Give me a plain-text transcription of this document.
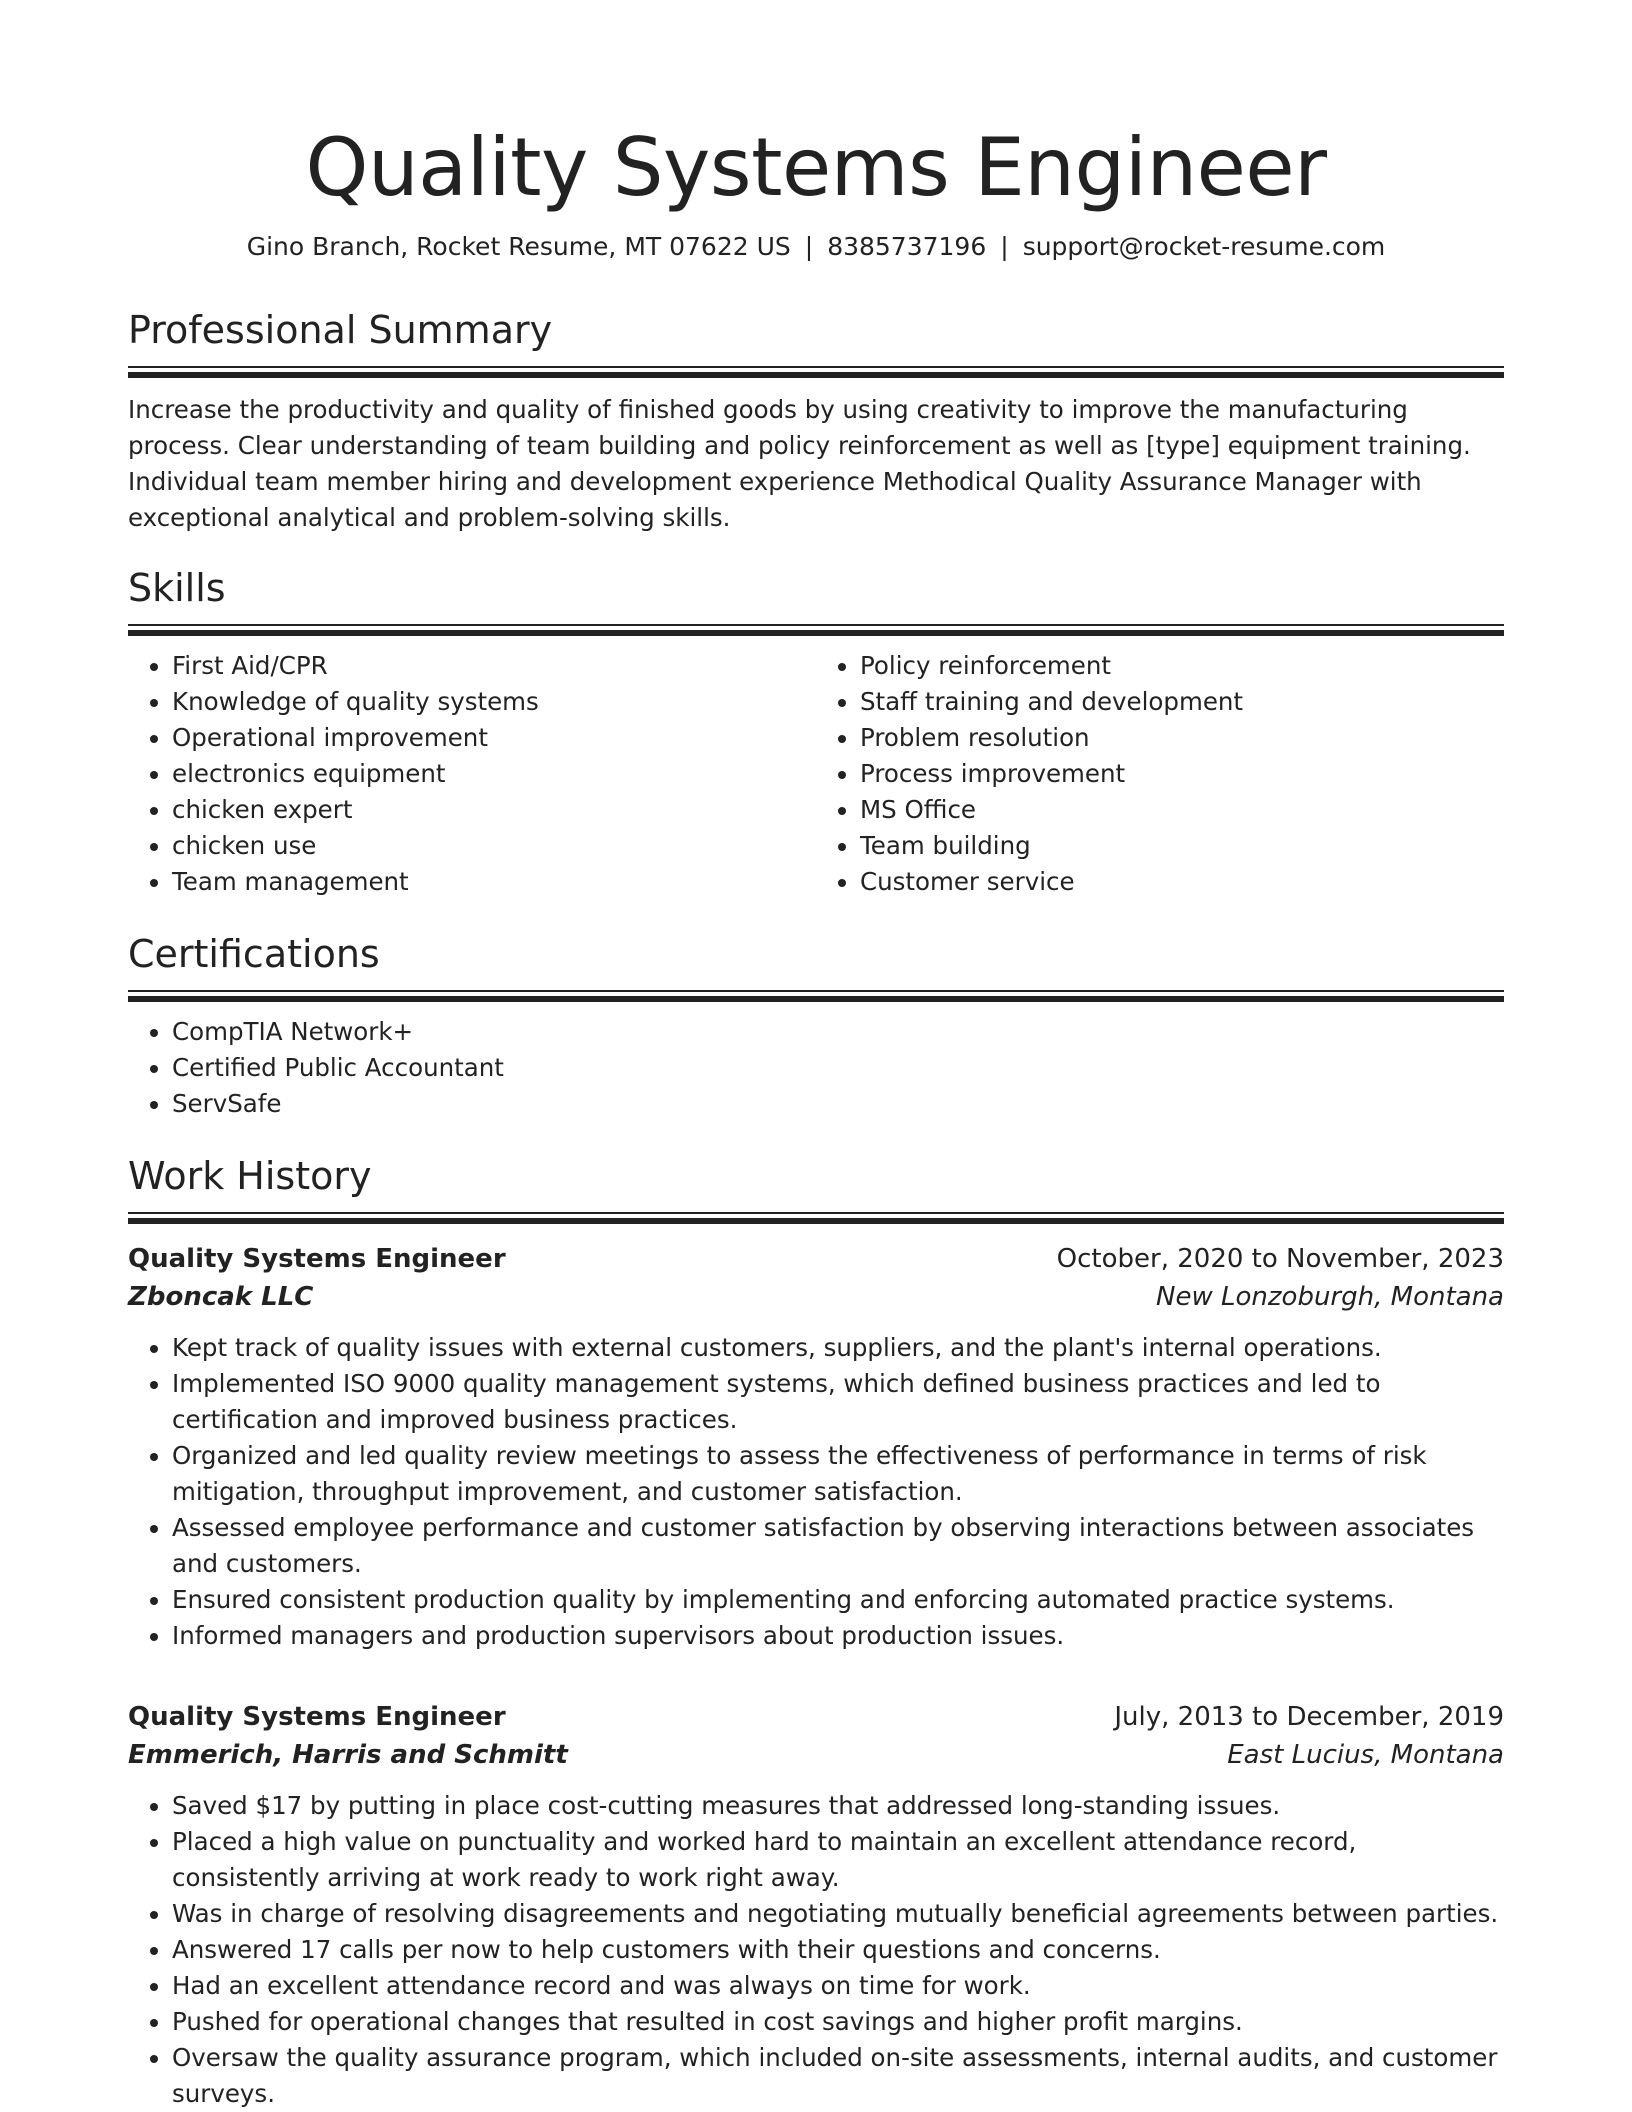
Quality Systems Engineer
Gino Branch, Rocket Resume, MT 07622 US | 8385737196 | support@rocket-resume.com
Professional Summary

Increase the productivity and quality of finished goods by using creativity to improve the manufacturing process. Clear understanding of team building and policy reinforcement as well as [type] equipment training. Individual team member hiring and development experience Methodical Quality Assurance Manager with exceptional analytical and problem-solving skills.

Skills
• First Aid/CPR
• Knowledge of quality systems
• Operational improvement
• electronics equipment
• chicken expert
• chicken use
• Team management
• Policy reinforcement
• Staff training and development
• Problem resolution
• Process improvement
• MS Office
• Team building
• Customer service
Certifications
• CompTIA Network+
• Certified Public Accountant
• ServSafe
Work History
Quality Systems Engineer	October, 2020 to November, 2023
Zboncak LLC	New Lonzoburgh, Montana
• Kept track of quality issues with external customers, suppliers, and the plant's internal operations.
• Implemented ISO 9000 quality management systems, which defined business practices and led to certification and improved business practices.
• Organized and led quality review meetings to assess the effectiveness of performance in terms of risk mitigation, throughput improvement, and customer satisfaction.
• Assessed employee performance and customer satisfaction by observing interactions between associates and customers.
• Ensured consistent production quality by implementing and enforcing automated practice systems.
• Informed managers and production supervisors about production issues.
Quality Systems Engineer	July, 2013 to December, 2019
Emmerich, Harris and Schmitt	East Lucius, Montana
• Saved $17 by putting in place cost-cutting measures that addressed long-standing issues.
• Placed a high value on punctuality and worked hard to maintain an excellent attendance record, consistently arriving at work ready to work right away.
• Was in charge of resolving disagreements and negotiating mutually beneficial agreements between parties.
• Answered 17 calls per now to help customers with their questions and concerns.
• Had an excellent attendance record and was always on time for work.
• Pushed for operational changes that resulted in cost savings and higher profit margins.
• Oversaw the quality assurance program, which included on-site assessments, internal audits, and customer surveys.
